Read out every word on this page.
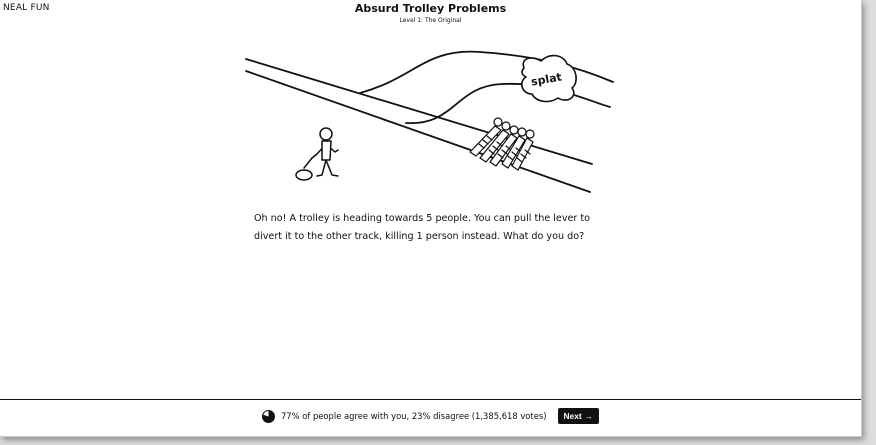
NEAL FUN	Absurd Trolley Problems
Level 1: The Original
splat
Oh no! A trolley is heading towards 5 people. You can pull the lever to divert it to the other track, killing 1 person instead. What do you do?
77% of people agree with you, 23% disagree (1,385,618 votes) Next →
